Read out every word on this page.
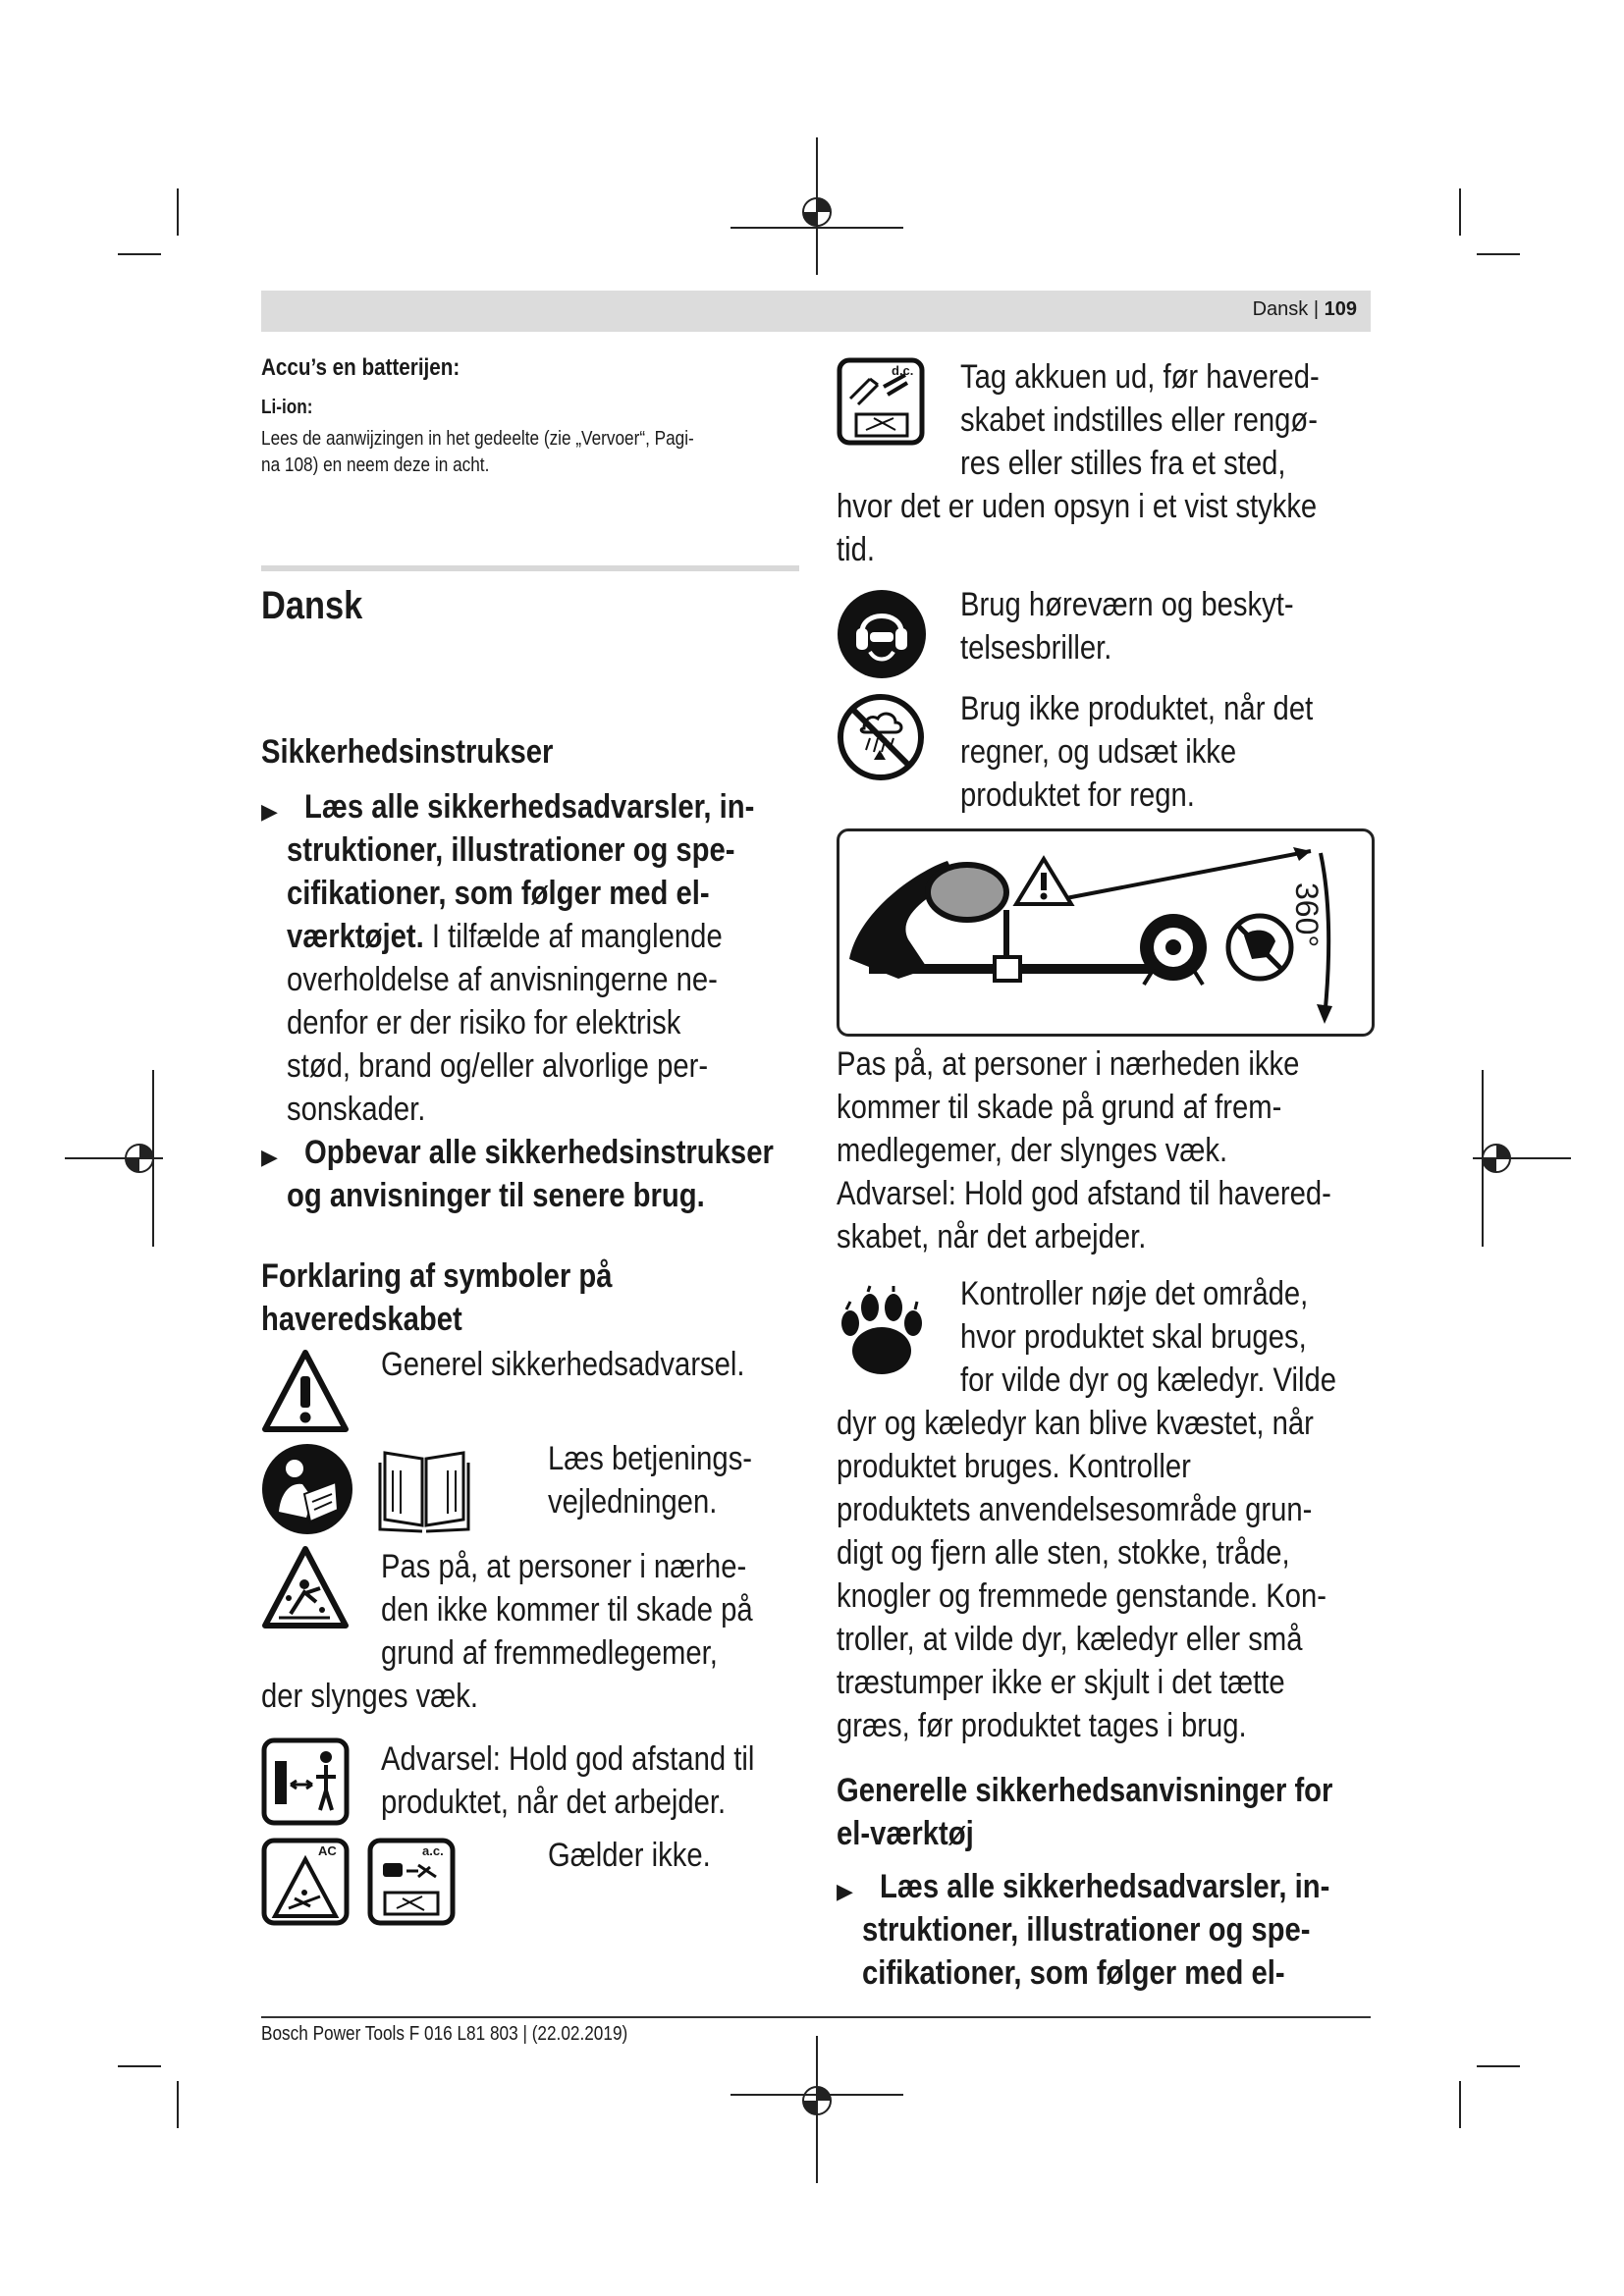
Dansk | 109
Accu’s en batterijen:
Li-ion:
Lees de aanwijzingen in het gedeelte (zie „Vervoer“, Pagi-
na 108) en neem deze in acht.
Dansk
Sikkerhedsinstrukser
▶ Læs alle sikkerhedsadvarsler, in-
struktioner, illustrationer og spe-
cifikationer, som følger med el-
værktøjet. I tilfælde af manglende
overholdelse af anvisningerne ne-
denfor er der risiko for elektrisk
stød, brand og/eller alvorlige per-
sonskader.
▶ Opbevar alle sikkerhedsinstrukser
og anvisninger til senere brug.
Forklaring af symboler på
haveredskabet
Generel sikkerhedsadvarsel.
Læs betjenings-
vejledningen.
Pas på, at personer i nærhe-
den ikke kommer til skade på
grund af fremmedlegemer,
der slynges væk.
Advarsel: Hold god afstand til
produktet, når det arbejder.
AC	a.c.	Gælder ikke.
d.c. Tag akkuen ud, før havered-
skabet indstilles eller rengø-
res eller stilles fra et sted,
hvor det er uden opsyn i et vist stykke
tid.
Brug høreværn og beskyt-
telsesbriller.
Brug ikke produktet, når det
regner, og udsæt ikke
produktet for regn.
360°
Pas på, at personer i nærheden ikke
kommer til skade på grund af frem-
medlegemer, der slynges væk.
Advarsel: Hold god afstand til havered-
skabet, når det arbejder.
Kontroller nøje det område,
hvor produktet skal bruges,
for vilde dyr og kæledyr. Vilde
dyr og kæledyr kan blive kvæstet, når
produktet bruges. Kontroller
produktets anvendelsesområde grun-
digt og fjern alle sten, stokke, tråde,
knogler og fremmede genstande. Kon-
troller, at vilde dyr, kæledyr eller små
træstumper ikke er skjult i det tætte
græs, før produktet tages i brug.
Generelle sikkerhedsanvisninger for
el-værktøj
▶ Læs alle sikkerhedsadvarsler, in-
struktioner, illustrationer og spe-
cifikationer, som følger med el-
Bosch Power Tools F 016 L81 803 | (22.02.2019)
